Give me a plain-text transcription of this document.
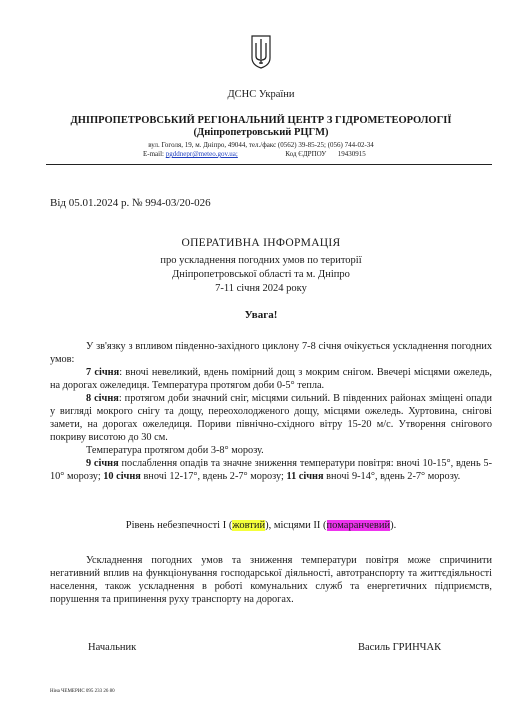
ДСНС України
ДНІПРОПЕТРОВСЬКИЙ РЕГІОНАЛЬНИЙ ЦЕНТР З ГІДРОМЕТЕОРОЛОГІЇ
(Дніпропетровський РЦГМ)
вул. Гоголя, 19, м. Дніпро, 49044, тел./факс (0562) 39-85-25; (056) 744-02-34
E-mail: pgddnepr@meteo.gov.ua;	Код ЄДРПОУ 19430915
Від 05.01.2024 р. № 994-03/20-026
ОПЕРАТИВНА ІНФОРМАЦІЯ
про ускладнення погодних умов по території
Дніпропетровської області та м. Дніпро
7-11 січня 2024 року
Увага!

У зв'язку з впливом південно-західного циклону 7-8 січня очікується ускладнення погодних умов:

7 січня: вночі невеликий, вдень помірний дощ з мокрим снігом. Ввечері місцями ожеледь, на дорогах ожеледиця. Температура протягом доби 0-5° тепла.

8 січня: протягом доби значний сніг, місцями сильний. В південних районах зміщені опади у вигляді мокрого снігу та дощу, переохолодженого дощу, місцями ожеледь. Хуртовина, снігові замети, на дорогах ожеледиця. Пориви північно-східного вітру 15-20 м/с. Утворення снігового покриву висотою до 30 см.

Температура протягом доби 3-8° морозу.

9 січня послаблення опадів та значне зниження температури повітря: вночі 10-15°, вдень 5-10° морозу; 10 січня вночі 12-17°, вдень 2-7° морозу; 11 січня вночі 9-14°, вдень 2-7° морозу.

Рівень небезпечності І (жовтий), місцями ІІ (помаранчевий).

Ускладнення погодних умов та зниження температури повітря може спричинити негативний вплив на функціонування господарської діяльності, автотранспорту та життєдіяльності населення, також ускладнення в роботі комунальних служб та енергетичних підприємств, порушення та припинення руху транспорту на дорогах.

Начальник	Василь ГРИНЧАК
Ніна ЧЕМЕРИС 095 233 26 80
